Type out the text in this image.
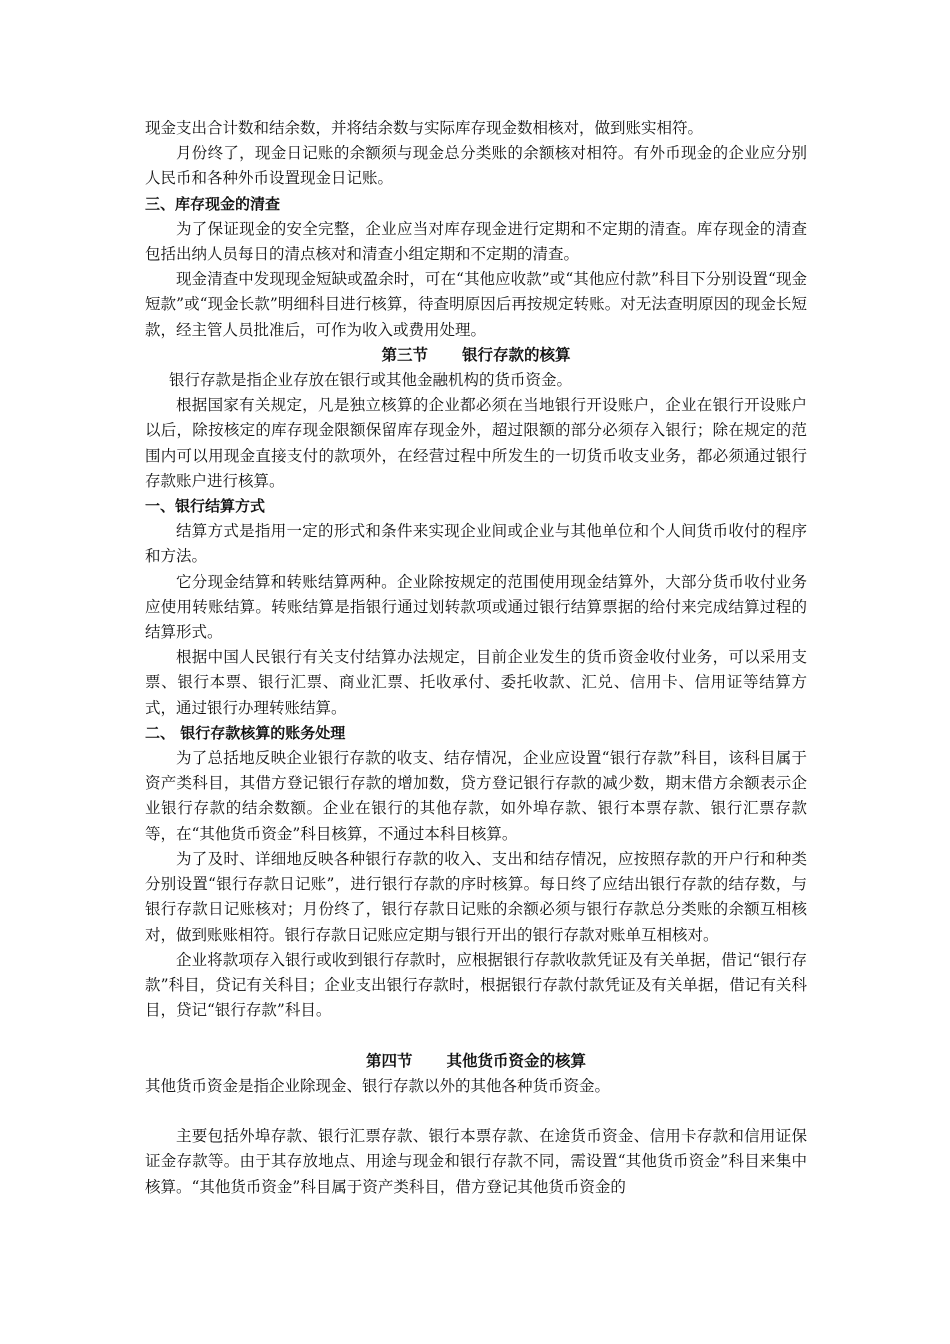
现金支出合计数和结余数，并将结余数与实际库存现金数相核对，做到账实相符。

月份终了，现金日记账的余额须与现金总分类账的余额核对相符。有外币现金的企业应分别人民币和各种外币设置现金日记账。

三、库存现金的清查

为了保证现金的安全完整，企业应当对库存现金进行定期和不定期的清查。库存现金的清查包括出纳人员每日的清点核对和清查小组定期和不定期的清查。

现金清查中发现现金短缺或盈余时，可在“其他应收款”或“其他应付款”科目下分别设置“现金短款”或“现金长款”明细科目进行核算，待查明原因后再按规定转账。对无法查明原因的现金长短款，经主管人员批准后，可作为收入或费用处理。

第三节 银行存款的核算

银行存款是指企业存放在银行或其他金融机构的货币资金。

根据国家有关规定，凡是独立核算的企业都必须在当地银行开设账户，企业在银行开设账户以后，除按核定的库存现金限额保留库存现金外，超过限额的部分必须存入银行；除在规定的范围内可以用现金直接支付的款项外，在经营过程中所发生的一切货币收支业务，都必须通过银行存款账户进行核算。

一、银行结算方式

结算方式是指用一定的形式和条件来实现企业间或企业与其他单位和个人间货币收付的程序和方法。

它分现金结算和转账结算两种。企业除按规定的范围使用现金结算外，大部分货币收付业务应使用转账结算。转账结算是指银行通过划转款项或通过银行结算票据的给付来完成结算过程的结算形式。

根据中国人民银行有关支付结算办法规定，目前企业发生的货币资金收付业务，可以采用支票、银行本票、银行汇票、商业汇票、托收承付、委托收款、汇兑、信用卡、信用证等结算方式，通过银行办理转账结算。

二、 银行存款核算的账务处理

为了总括地反映企业银行存款的收支、结存情况，企业应设置“银行存款”科目，该科目属于资产类科目，其借方登记银行存款的增加数，贷方登记银行存款的减少数，期末借方余额表示企业银行存款的结余数额。企业在银行的其他存款，如外埠存款、银行本票存款、银行汇票存款等，在“其他货币资金”科目核算，不通过本科目核算。

为了及时、详细地反映各种银行存款的收入、支出和结存情况，应按照存款的开户行和种类分别设置“银行存款日记账”，进行银行存款的序时核算。每日终了应结出银行存款的结存数，与银行存款日记账核对；月份终了，银行存款日记账的余额必须与银行存款总分类账的余额互相核对，做到账账相符。银行存款日记账应定期与银行开出的银行存款对账单互相核对。

企业将款项存入银行或收到银行存款时，应根据银行存款收款凭证及有关单据，借记“银行存款”科目，贷记有关科目；企业支出银行存款时，根据银行存款付款凭证及有关单据，借记有关科目，贷记“银行存款”科目。

第四节 其他货币资金的核算

其他货币资金是指企业除现金、银行存款以外的其他各种货币资金。

主要包括外埠存款、银行汇票存款、银行本票存款、在途货币资金、信用卡存款和信用证保证金存款等。由于其存放地点、用途与现金和银行存款不同，需设置“其他货币资金”科目来集中核算。“其他货币资金”科目属于资产类科目，借方登记其他货币资金的
